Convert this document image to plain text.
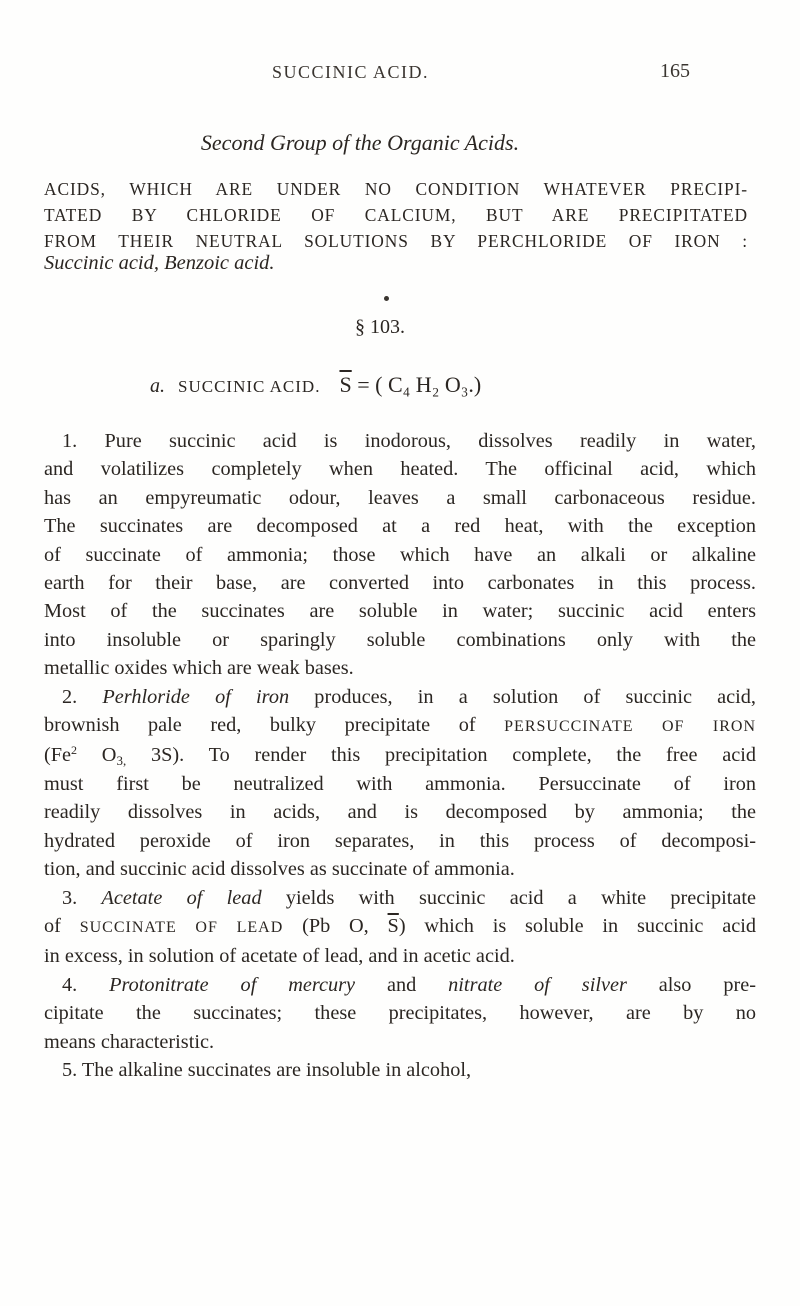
SUCCINIC ACID.	165
Second Group of the Organic Acids.
ACIDS, WHICH ARE UNDER NO CONDITION WHATEVER PRECIPI-
TATED BY CHLORIDE OF CALCIUM, BUT ARE PRECIPITATED
FROM THEIR NEUTRAL SOLUTIONS BY PERCHLORIDE OF IRON :
Succinic acid, Benzoic acid.
§ 103.
a. SUCCINIC ACID. $\overline{S}$ = ( C₄ H₂ O₃.)
1. Pure succinic acid is inodorous, dissolves readily in water,
and volatilizes completely when heated. The officinal acid, which
has an empyreumatic odour, leaves a small carbonaceous residue.
The succinates are decomposed at a red heat, with the exception
of succinate of ammonia; those which have an alkali or alkaline
earth for their base, are converted into carbonates in this process.
Most of the succinates are soluble in water; succinic acid enters
into insoluble or sparingly soluble combinations only with the
metallic oxides which are weak bases.
2. Perhloride of iron produces, in a solution of succinic acid,
brownish pale red, bulky precipitate of PERSUCCINATE OF IRON
(Fe$^2$ $O_{3,}$ 3S). To render this precipitation complete, the free acid
must first be neutralized with ammonia. Persuccinate of iron
readily dissolves in acids, and is decomposed by ammonia; the
hydrated peroxide of iron separates, in this process of decomposi-
tion, and succinic acid dissolves as succinate of ammonia.
3. Acetate of lead yields with succinic acid a white precipitate
of SUCCINATE OF LEAD (Pb O, $\overline{S}$) which is soluble in succinic acid
in excess, in solution of acetate of lead, and in acetic acid.
4. Protonitrate of mercury and nitrate of silver also pre-
cipitate the succinates; these precipitates, however, are by no
means characteristic.
5. The alkaline succinates are insoluble in alcohol,
